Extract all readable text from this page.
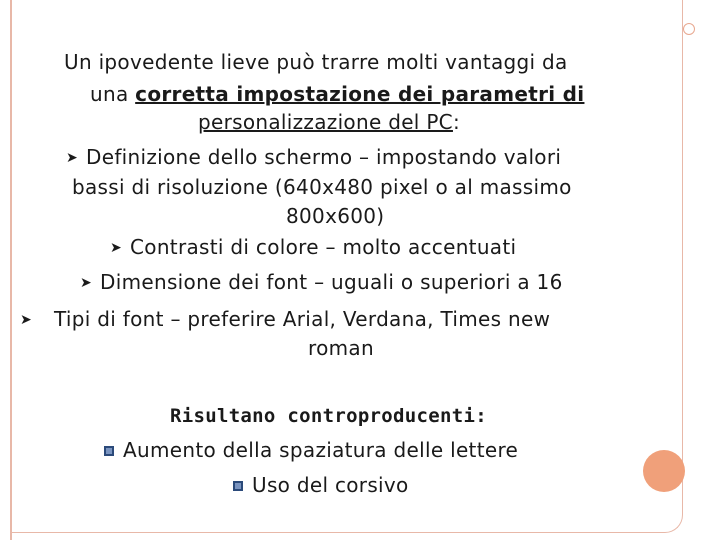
Un ipovedente lieve può trarre molti vantaggi da
una corretta impostazione dei parametri di
personalizzazione del PC:
➤ Definizione dello schermo – impostando valori
bassi di risoluzione (640x480 pixel o al massimo
800x600)
➤ Contrasti di colore – molto accentuati
➤ Dimensione dei font – uguali o superiori a 16
➤ Tipi di font – preferire Arial, Verdana, Times new
roman
Risultano controproducenti:
Aumento della spaziatura delle lettere
Uso del corsivo
